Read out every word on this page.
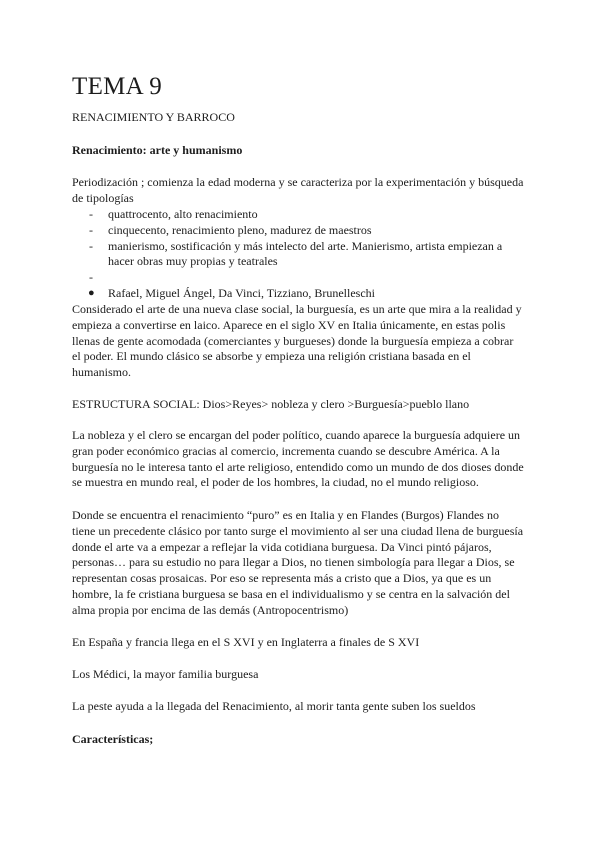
TEMA 9
RENACIMIENTO Y BARROCO
Renacimiento: arte y humanismo

Periodización ; comienza la edad moderna y se caracteriza por la experimentación y búsqueda de tipologías

- quattrocento, alto renacimiento
- cinquecento, renacimiento pleno, madurez de maestros
- manierismo, sostificación y más intelecto del arte. Manierismo, artista empiezan a hacer obras muy propias y teatrales
-
● Rafael, Miguel Ángel, Da Vinci, Tizziano, Brunelleschi

Considerado el arte de una nueva clase social, la burguesía, es un arte que mira a la realidad y empieza a convertirse en laico. Aparece en el siglo XV en Italia únicamente, en estas polis llenas de gente acomodada (comerciantes y burgueses) donde la burguesía empieza a cobrar el poder. El mundo clásico se absorbe y empieza una religión cristiana basada en el humanismo.

ESTRUCTURA SOCIAL: Dios>Reyes> nobleza y clero >Burguesía>pueblo llano

La nobleza y el clero se encargan del poder político, cuando aparece la burguesía adquiere un gran poder económico gracias al comercio, incrementa cuando se descubre América. A la burguesía no le interesa tanto el arte religioso, entendido como un mundo de dos dioses donde se muestra en mundo real, el poder de los hombres, la ciudad, no el mundo religioso.

Donde se encuentra el renacimiento “puro” es en Italia y en Flandes (Burgos) Flandes no tiene un precedente clásico por tanto surge el movimiento al ser una ciudad llena de burguesía donde el arte va a empezar a reflejar la vida cotidiana burguesa. Da Vinci pintó pájaros, personas… para su estudio no para llegar a Dios, no tienen simbología para llegar a Dios, se representan cosas prosaicas. Por eso se representa más a cristo que a Dios, ya que es un hombre, la fe cristiana burguesa se basa en el individualismo y se centra en la salvación del alma propia por encima de las demás (Antropocentrismo)

En España y francia llega en el S XVI y en Inglaterra a finales de S XVI

Los Médici, la mayor familia burguesa

La peste ayuda a la llegada del Renacimiento, al morir tanta gente suben los sueldos

Características;
